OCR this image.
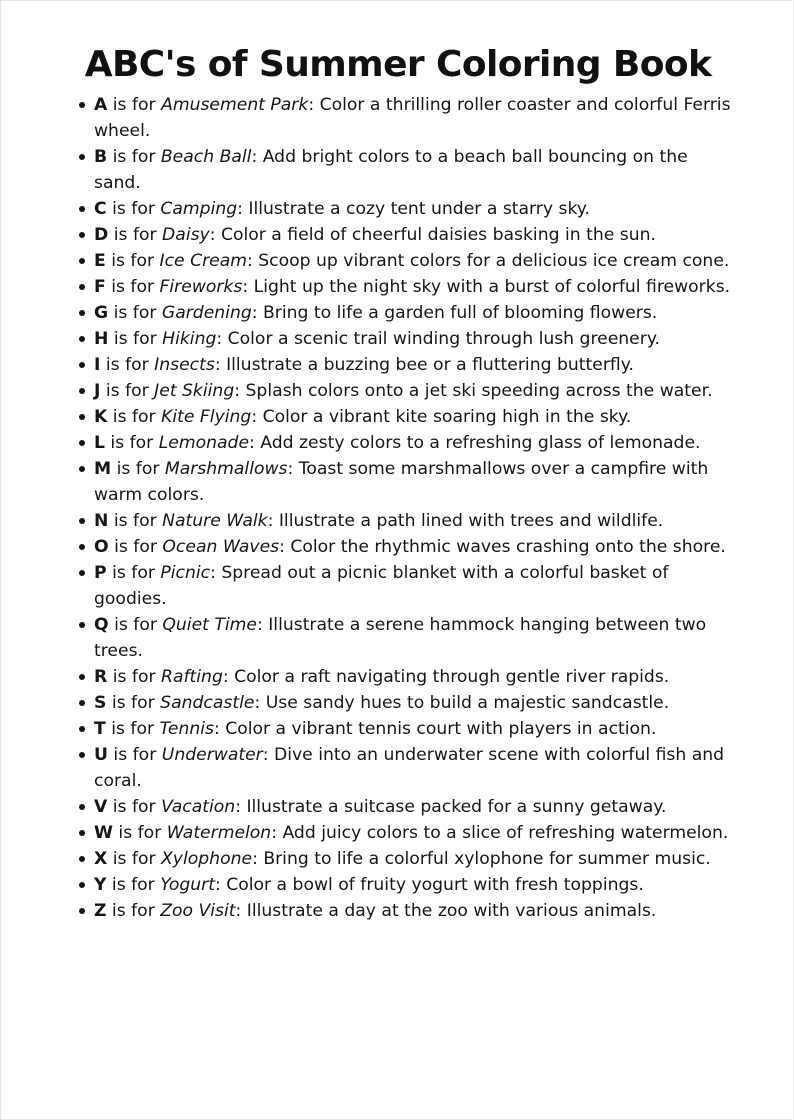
ABC's of Summer Coloring Book
A is for Amusement Park: Color a thrilling roller coaster and colorful Ferris wheel.
B is for Beach Ball: Add bright colors to a beach ball bouncing on the sand.
C is for Camping: Illustrate a cozy tent under a starry sky.
D is for Daisy: Color a field of cheerful daisies basking in the sun.
E is for Ice Cream: Scoop up vibrant colors for a delicious ice cream cone.
F is for Fireworks: Light up the night sky with a burst of colorful fireworks.
G is for Gardening: Bring to life a garden full of blooming flowers.
H is for Hiking: Color a scenic trail winding through lush greenery.
I is for Insects: Illustrate a buzzing bee or a fluttering butterfly.
J is for Jet Skiing: Splash colors onto a jet ski speeding across the water.
K is for Kite Flying: Color a vibrant kite soaring high in the sky.
L is for Lemonade: Add zesty colors to a refreshing glass of lemonade.
M is for Marshmallows: Toast some marshmallows over a campfire with warm colors.
N is for Nature Walk: Illustrate a path lined with trees and wildlife.
O is for Ocean Waves: Color the rhythmic waves crashing onto the shore.
P is for Picnic: Spread out a picnic blanket with a colorful basket of goodies.
Q is for Quiet Time: Illustrate a serene hammock hanging between two trees.
R is for Rafting: Color a raft navigating through gentle river rapids.
S is for Sandcastle: Use sandy hues to build a majestic sandcastle.
T is for Tennis: Color a vibrant tennis court with players in action.
U is for Underwater: Dive into an underwater scene with colorful fish and coral.
V is for Vacation: Illustrate a suitcase packed for a sunny getaway.
W is for Watermelon: Add juicy colors to a slice of refreshing watermelon.
X is for Xylophone: Bring to life a colorful xylophone for summer music.
Y is for Yogurt: Color a bowl of fruity yogurt with fresh toppings.
Z is for Zoo Visit: Illustrate a day at the zoo with various animals.
